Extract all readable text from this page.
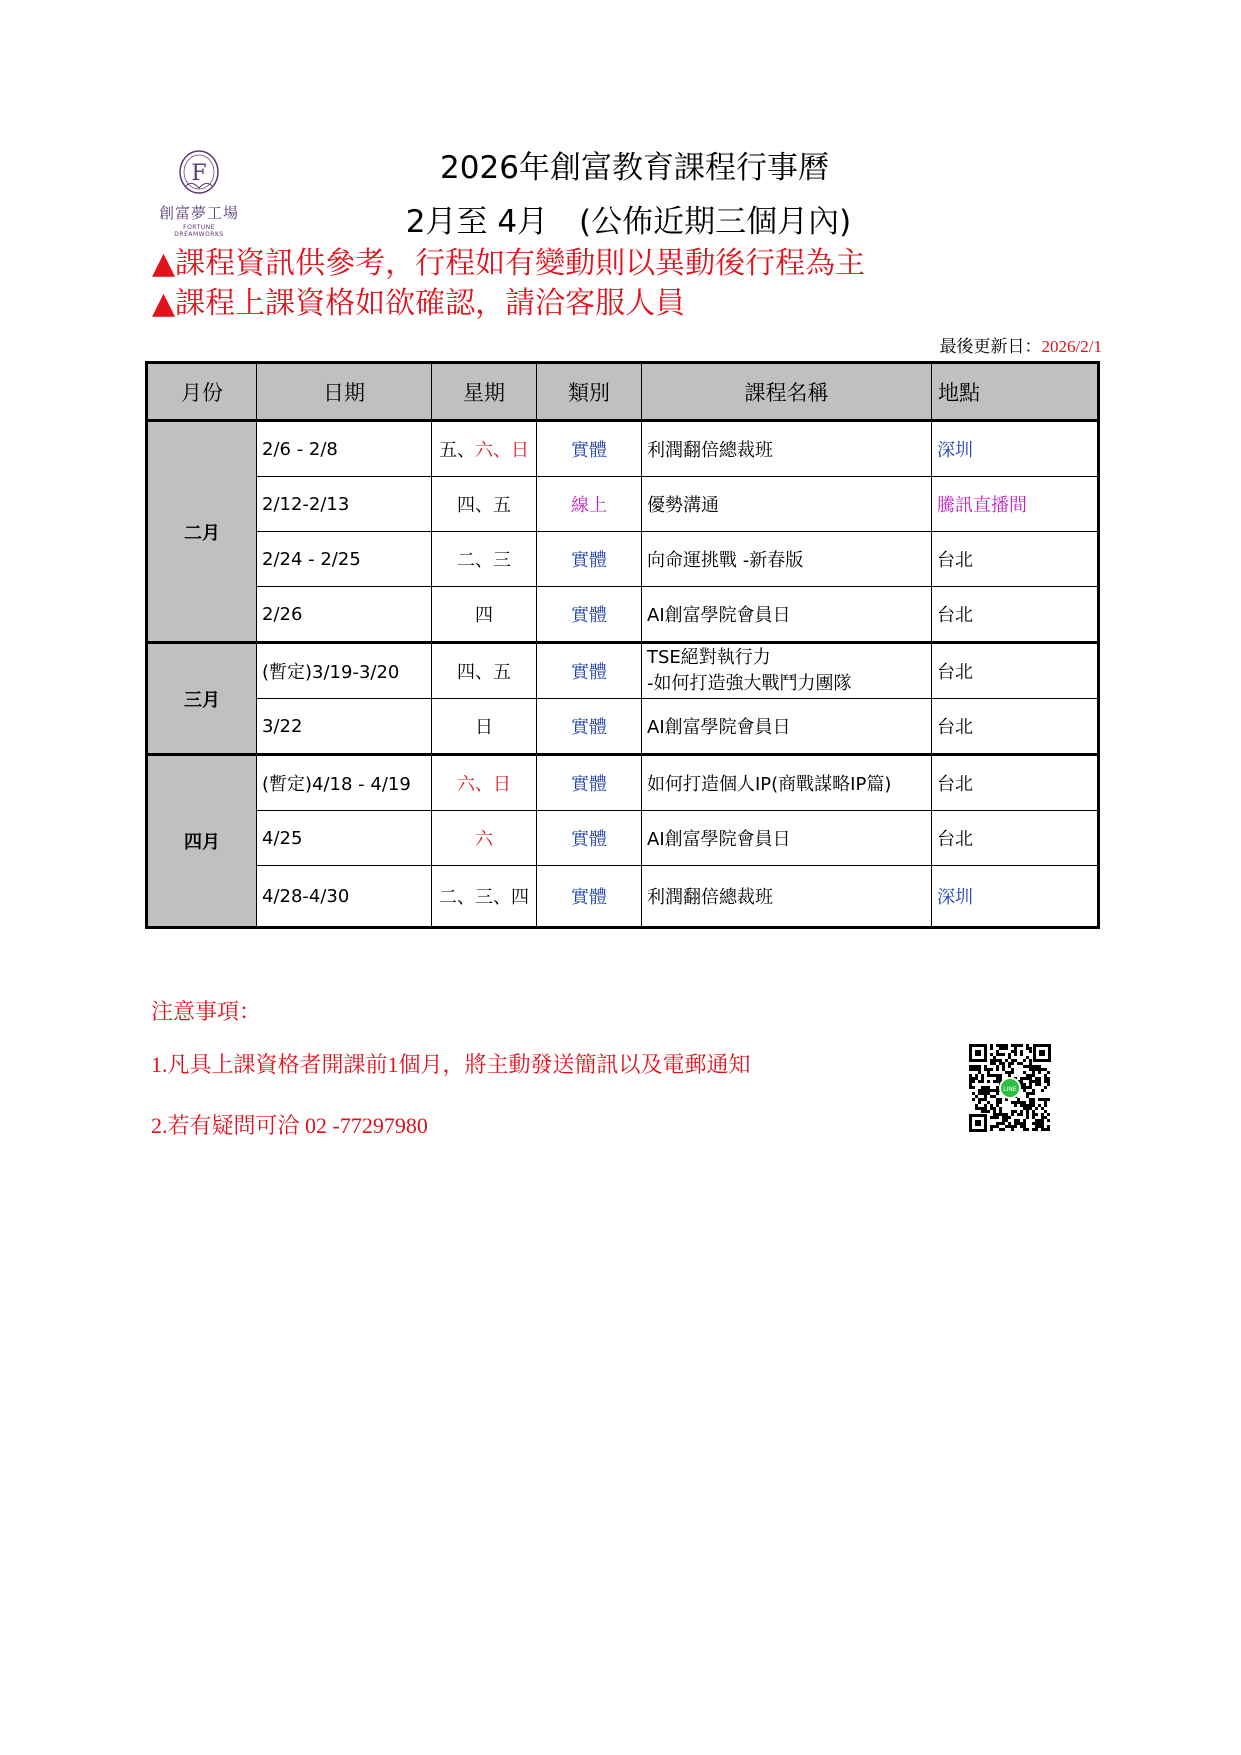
F
創富夢工場
FORTUNE DREAMWORKS
2026年創富教育課程行事曆
2月至 4月　(公佈近期三個月內)
▲課程資訊供參考，行程如有變動則以異動後行程為主
▲課程上課資格如欲確認，請洽客服人員
最後更新日：2026/2/1
月份	日期	星期	類別	課程名稱	地點
二月	2/6 - 2/8	五、六、日	實體	利潤翻倍總裁班	深圳
	2/12-2/13	四、五	線上	優勢溝通	騰訊直播間
	2/24 - 2/25	二、三	實體	向命運挑戰 -新春版	台北
	2/26	四	實體	AI創富學院會員日	台北
三月	(暫定)3/19-3/20	四、五	實體	TSE絕對執行力
-如何打造強大戰鬥力團隊	台北
	3/22	日	實體	AI創富學院會員日	台北
四月	(暫定)4/18 - 4/19	六、日	實體	如何打造個人IP(商戰謀略IP篇)	台北
	4/25	六	實體	AI創富學院會員日	台北
	4/28-4/30	二、三、四	實體	利潤翻倍總裁班	深圳
注意事項：
1.凡具上課資格者開課前1個月，將主動發送簡訊以及電郵通知
2.若有疑問可洽 02 -77297980
LINE
